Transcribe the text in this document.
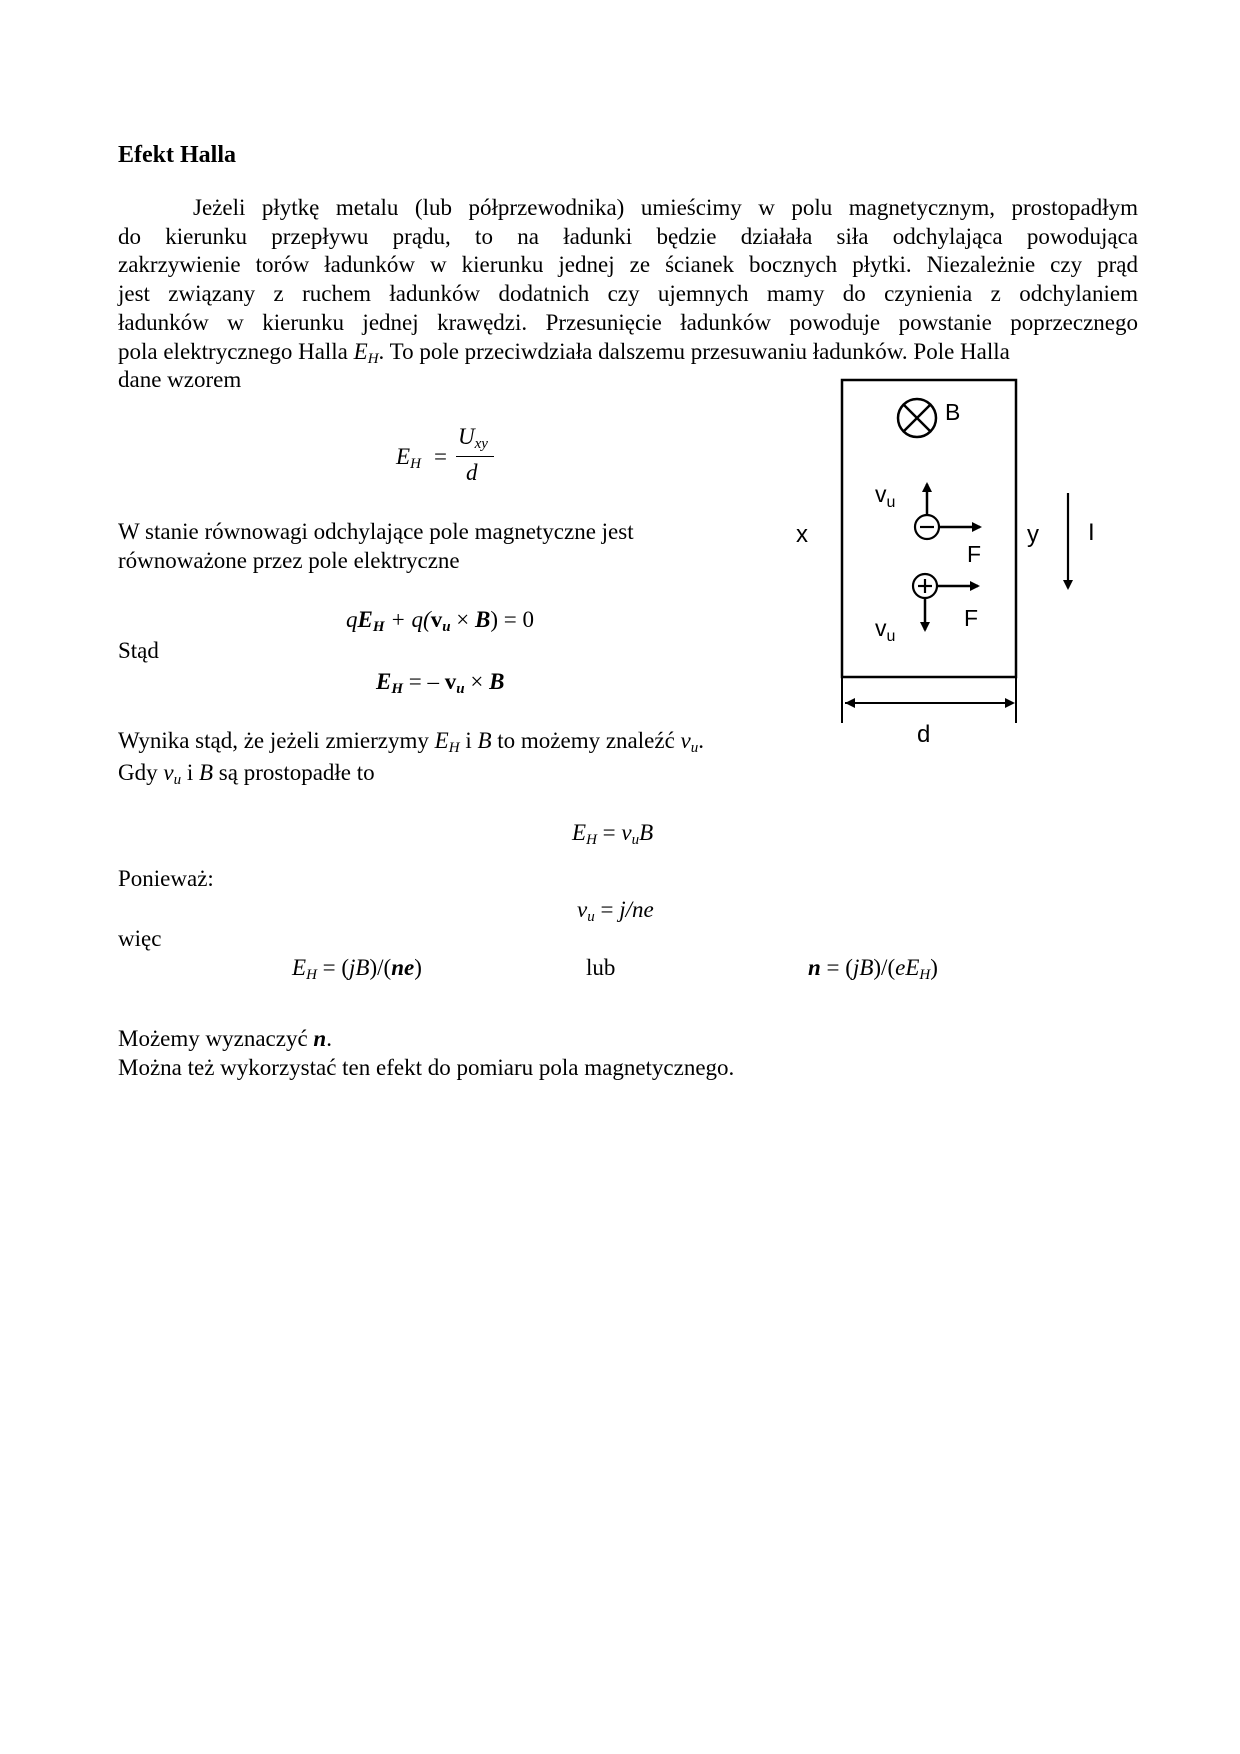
Efekt Halla
Jeżeli płytkę metalu (lub półprzewodnika) umieścimy w polu magnetycznym, prostopadłym
do kierunku przepływu prądu, to na ładunki będzie działała siła odchylająca powodująca
zakrzywienie torów ładunków w kierunku jednej ze ścianek bocznych płytki. Niezależnie czy prąd
jest związany z ruchem ładunków dodatnich czy ujemnych mamy do czynienia z odchylaniem
ładunków w kierunku jednej krawędzi. Przesunięcie ładunków powoduje powstanie poprzecznego
pola elektrycznego Halla $E_H$. To pole przeciwdziała dalszemu przesuwaniu ładunków. Pole Halla
dane wzorem
$E_H$ =
$U_{xy}$
d
W stanie równowagi odchylające pole magnetyczne jest
równoważone przez pole elektryczne
$qE_H + q(v_u \times B) = 0$
Stąd
$E_H$ = – $v_u \times B$
Wynika stąd, że jeżeli zmierzymy $E_H$ i B to możemy znaleźć $v_u$.
Gdy $v_u$ i B są prostopadłe to
$E_H = v_uB$
Ponieważ:
$v_u = j/ne$
więc
$E_H = (jB)/(ne)$	lub	$n = (jB)/(eE_H)$
Możemy wyznaczyć n.
Można też wykorzystać ten efekt do pomiaru pola magnetycznego.
B
$v_u$
F
$v_u$
F
x	y I
d
